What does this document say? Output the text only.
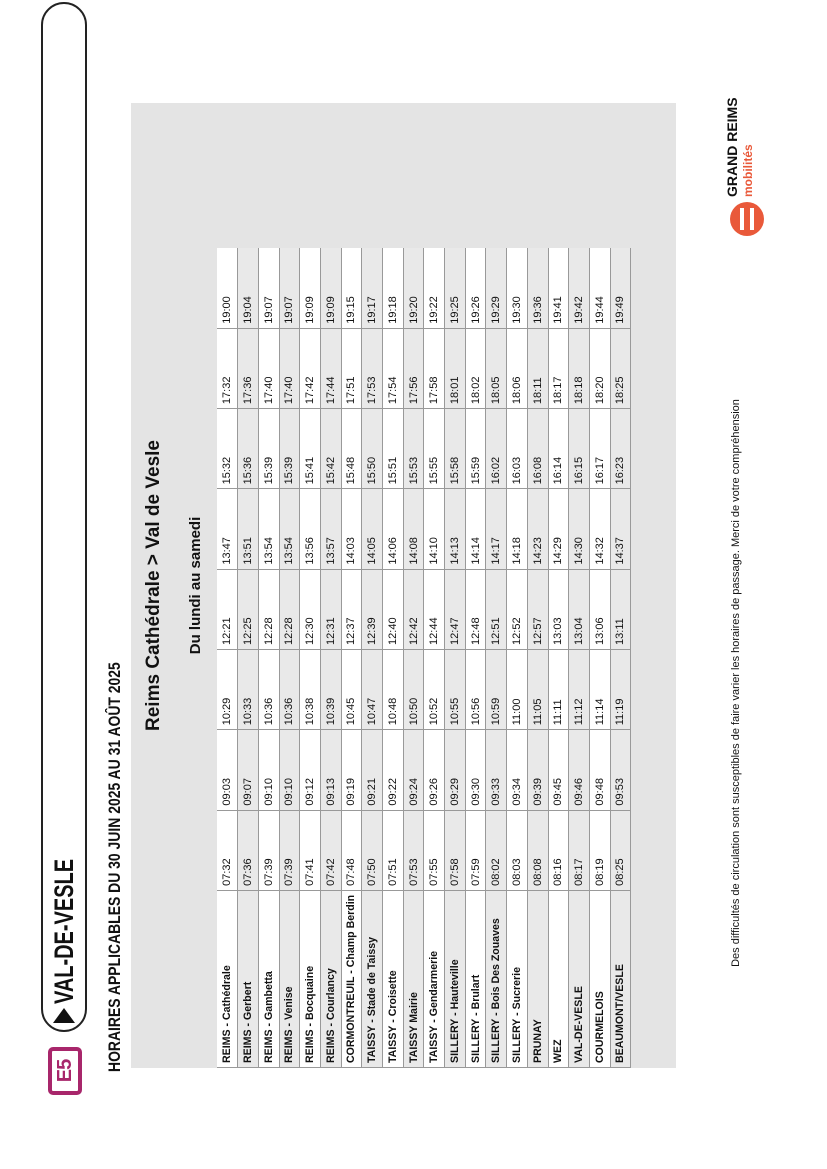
E5
VAL-DE-VESLE HORAIRES APPLICABLES DU 30 JUIN 2025 AU 31 AOÛT 2025
Reims Cathédrale > Val de Vesle Du lundi au samedi
REIMS - Cathédrale	07:32	09:03	10:29	12:21	13:47	15:32	17:32	19:00
REIMS - Gerbert	07:36	09:07	10:33	12:25	13:51	15:36	17:36	19:04
REIMS - Gambetta	07:39	09:10	10:36	12:28	13:54	15:39	17:40	19:07
REIMS - Venise	07:39	09:10	10:36	12:28	13:54	15:39	17:40	19:07
REIMS - Bocquaine	07:41	09:12	10:38	12:30	13:56	15:41	17:42	19:09
REIMS - Courlancy	07:42	09:13	10:39	12:31	13:57	15:42	17:44	19:09
CORMONTREUIL - Champ Berdin	07:48	09:19	10:45	12:37	14:03	15:48	17:51	19:15
TAISSY - Stade de Taissy	07:50	09:21	10:47	12:39	14:05	15:50	17:53	19:17
TAISSY - Croisette	07:51	09:22	10:48	12:40	14:06	15:51	17:54	19:18
TAISSY Mairie	07:53	09:24	10:50	12:42	14:08	15:53	17:56	19:20
TAISSY - Gendarmerie	07:55	09:26	10:52	12:44	14:10	15:55	17:58	19:22
SILLERY - Hauteville	07:58	09:29	10:55	12:47	14:13	15:58	18:01	19:25
SILLERY - Brulart	07:59	09:30	10:56	12:48	14:14	15:59	18:02	19:26
SILLERY - Bois Des Zouaves	08:02	09:33	10:59	12:51	14:17	16:02	18:05	19:29
SILLERY - Sucrerie	08:03	09:34	11:00	12:52	14:18	16:03	18:06	19:30
PRUNAY	08:08	09:39	11:05	12:57	14:23	16:08	18:11	19:36
WEZ	08:16	09:45	11:11	13:03	14:29	16:14	18:17	19:41
VAL-DE-VESLE	08:17	09:46	11:12	13:04	14:30	16:15	18:18	19:42
COURMELOIS	08:19	09:48	11:14	13:06	14:32	16:17	18:20	19:44
BEAUMONT/VESLE	08:25	09:53	11:19	13:11	14:37	16:23	18:25	19:49
Des difficultés de circulation sont susceptibles de faire varier les horaires de passage. Merci de votre compréhension
GRAND REIMS mobilités
